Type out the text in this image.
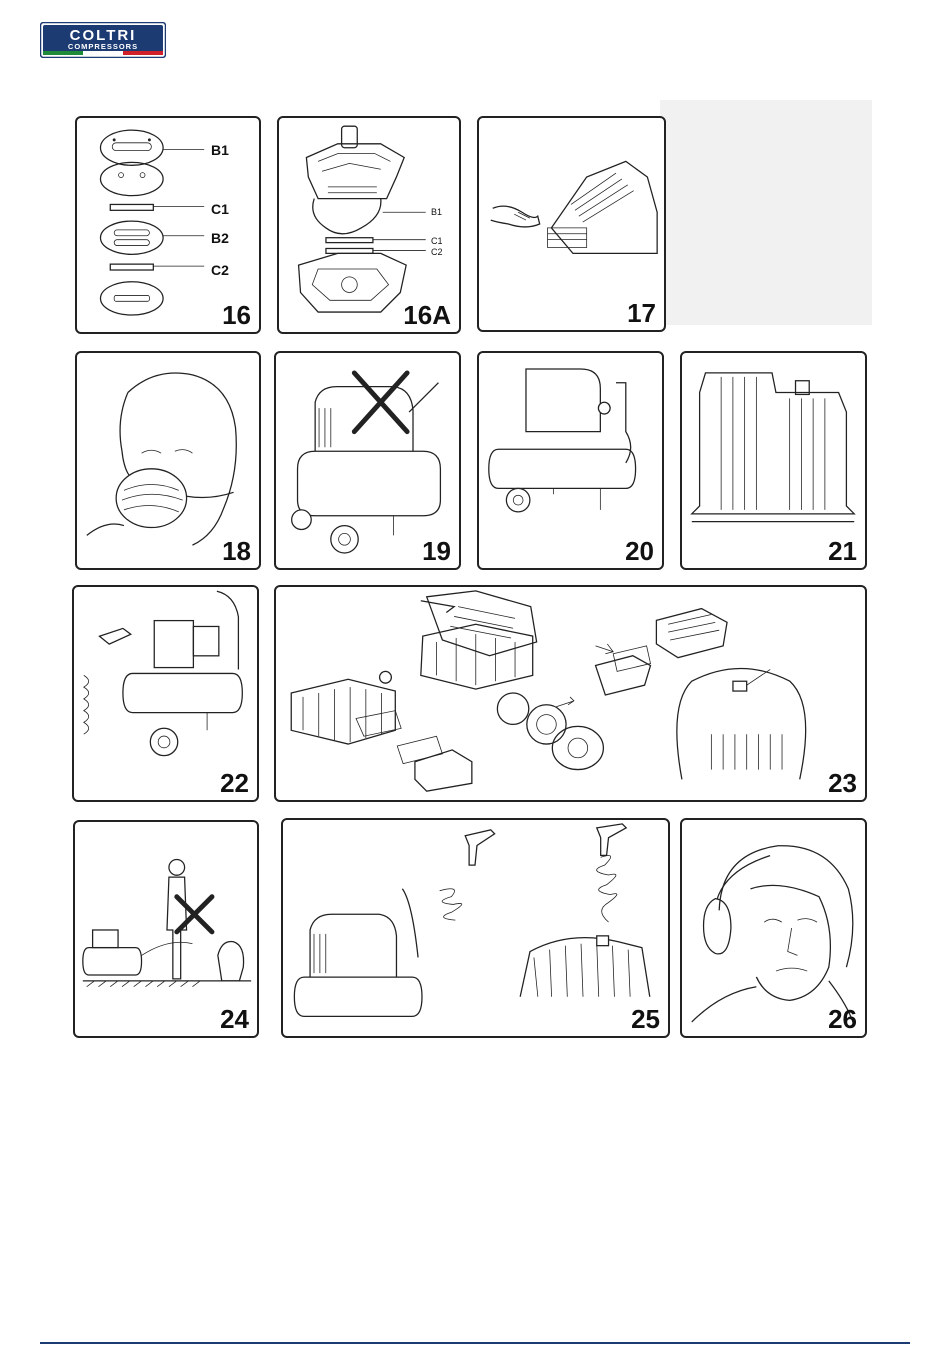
COLTRI
COMPRESSORS
B1
C1
B2
C2
16
B1
C1
C2
16A	17
18	19	20	21
22	23
24	25	26
